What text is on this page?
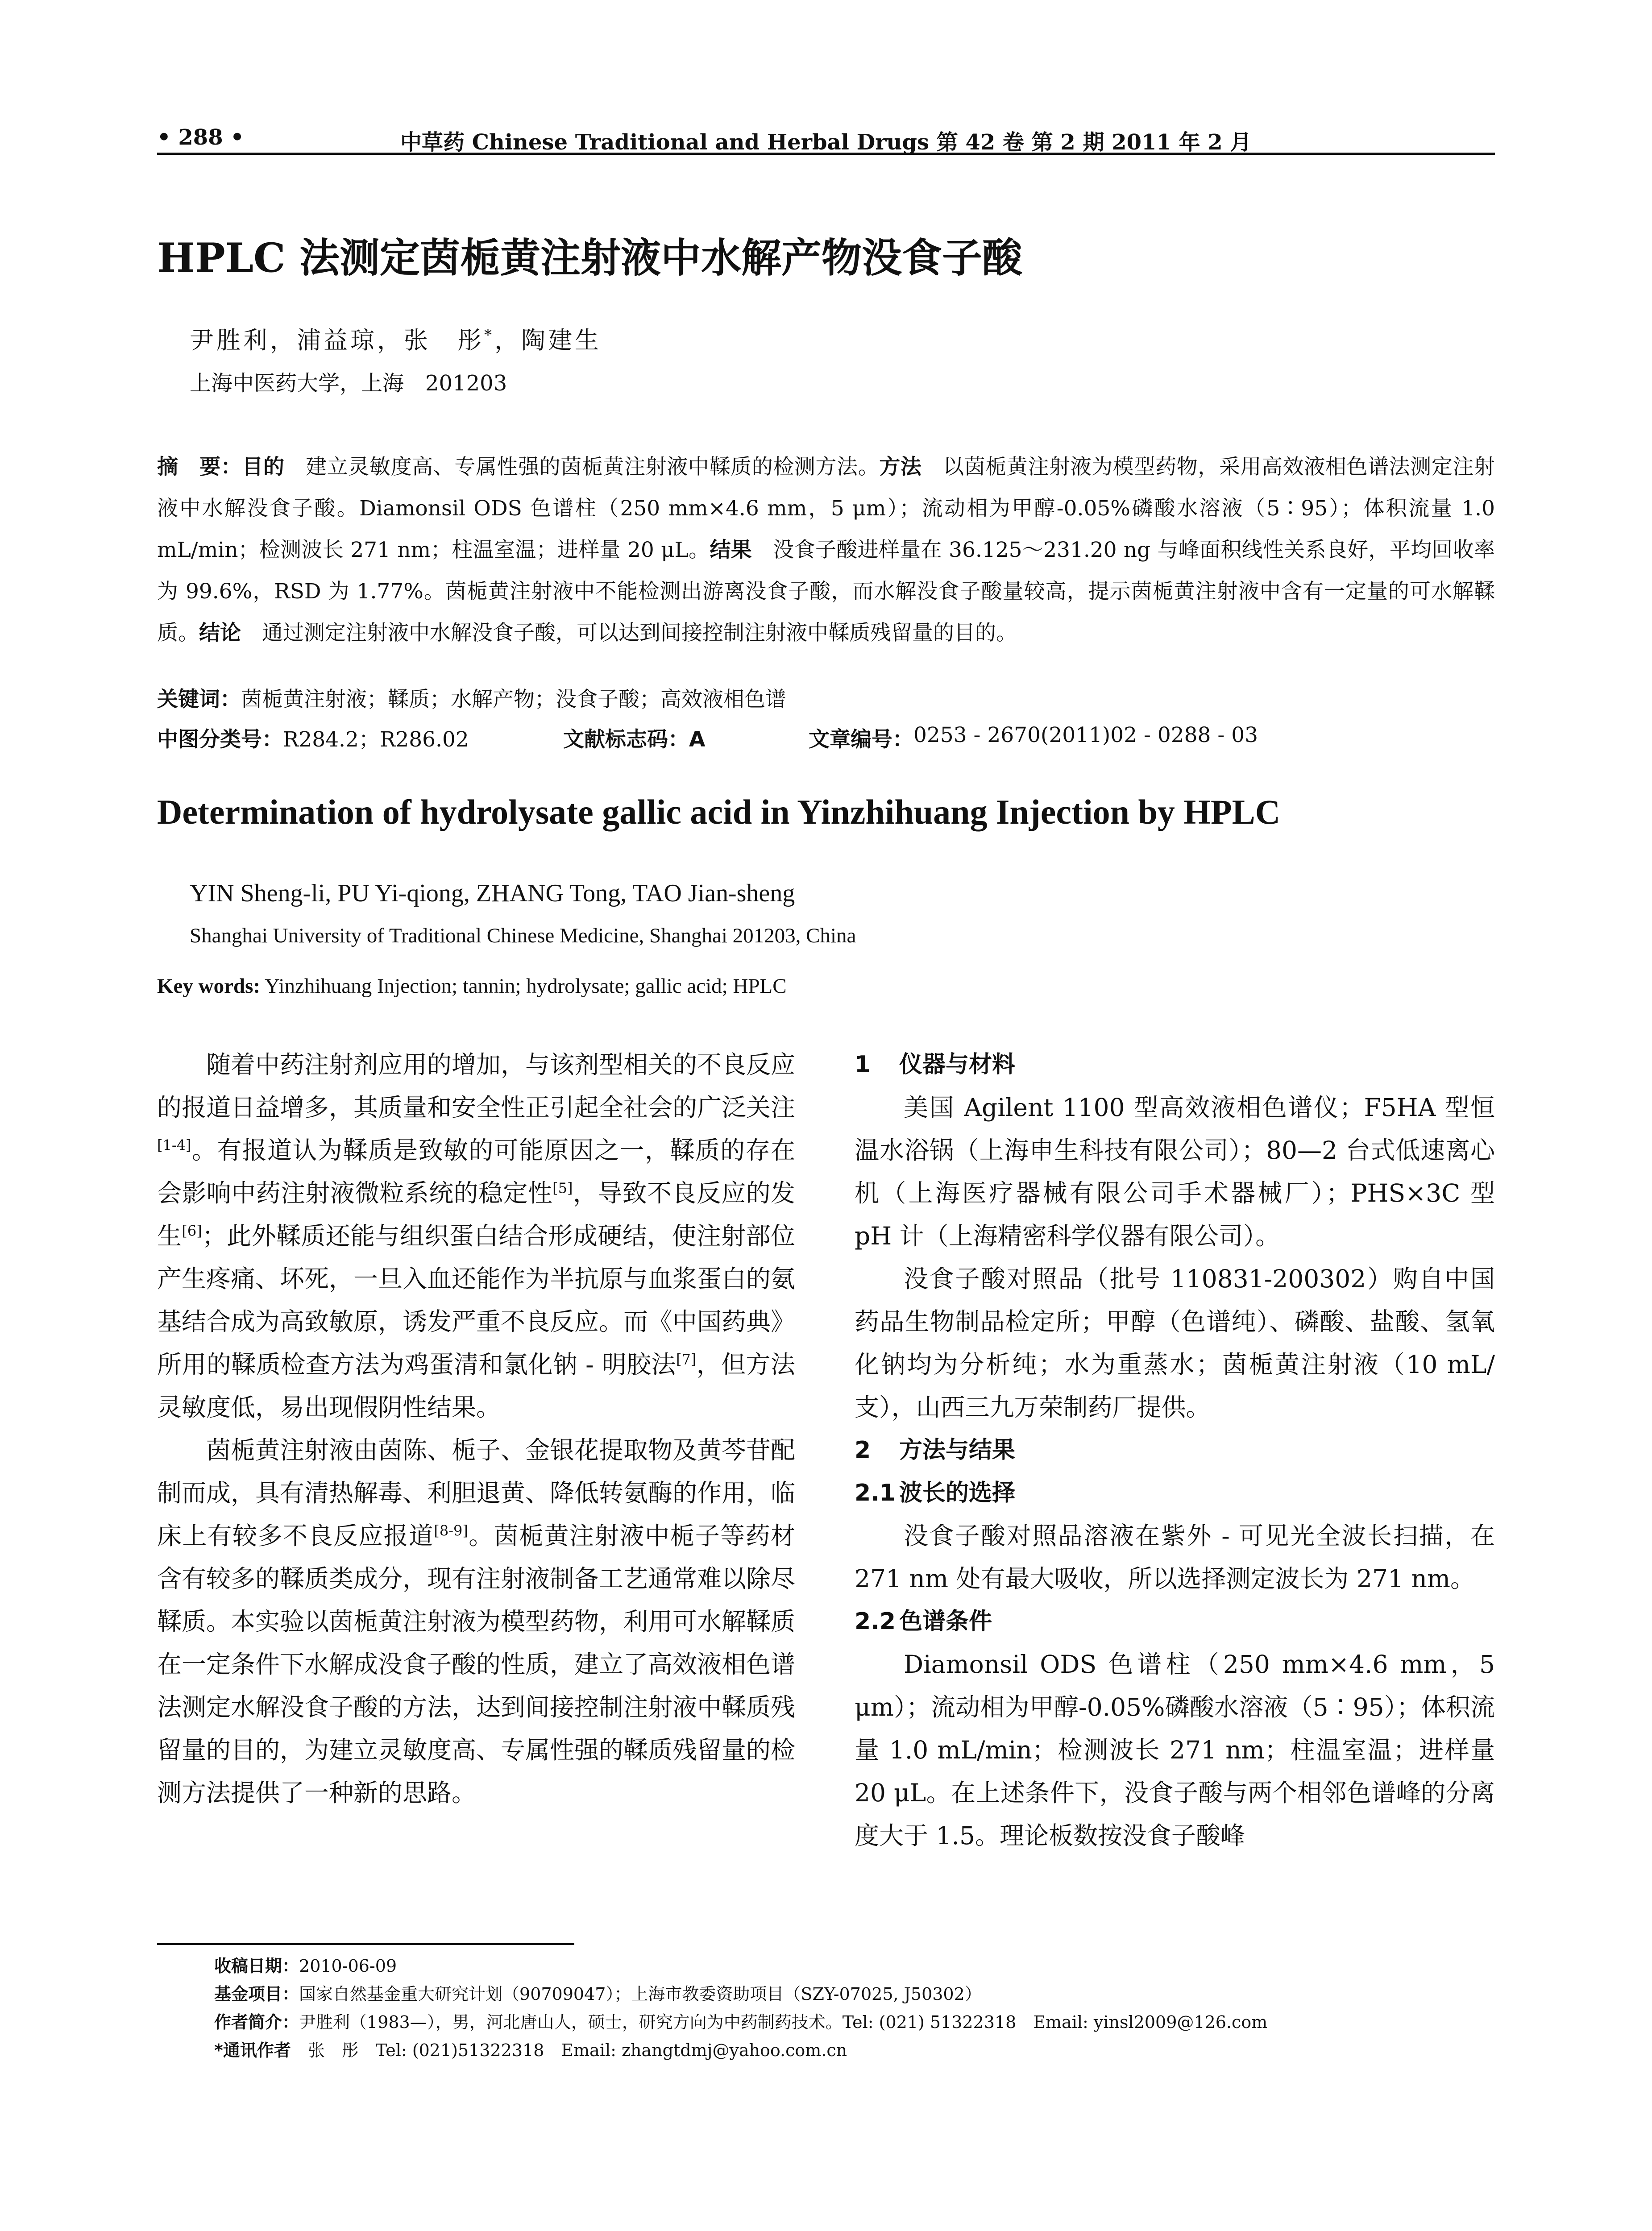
• 288 •	中草药 Chinese Traditional and Herbal Drugs 第 42 卷 第 2 期 2011 年 2 月
HPLC 法测定茵栀黄注射液中水解产物没食子酸
尹胜利，浦益琼，张　彤*，陶建生
上海中医药大学，上海　201203
摘　要：目的　建立灵敏度高、专属性强的茵栀黄注射液中鞣质的检测方法。方法　以茵栀黄注射液为模型药物，采用高效液相色谱法测定注射液中水解没食子酸。Diamonsil ODS 色谱柱（250 mm×4.6 mm，5 μm）；流动相为甲醇-0.05%磷酸水溶液（5∶95）；体积流量 1.0 mL/min；检测波长 271 nm；柱温室温；进样量 20 μL。结果　没食子酸进样量在 36.125～231.20 ng 与峰面积线性关系良好，平均回收率为 99.6%，RSD 为 1.77%。茵栀黄注射液中不能检测出游离没食子酸，而水解没食子酸量较高，提示茵栀黄注射液中含有一定量的可水解鞣质。结论　通过测定注射液中水解没食子酸，可以达到间接控制注射液中鞣质残留量的目的。
关键词：茵栀黄注射液；鞣质；水解产物；没食子酸；高效液相色谱
中图分类号： R284.2；R286.02	文献标志码：A	文章编号： 0253 - 2670(2011)02 - 0288 - 03
Determination of hydrolysate gallic acid in Yinzhihuang Injection by HPLC
YIN Sheng-li, PU Yi-qiong, ZHANG Tong, TAO Jian-sheng
Shanghai University of Traditional Chinese Medicine, Shanghai 201203, China
Key words: Yinzhihuang Injection; tannin; hydrolysate; gallic acid; HPLC

随着中药注射剂应用的增加，与该剂型相关的不良反应的报道日益增多，其质量和安全性正引起全社会的广泛关注[1-4]。有报道认为鞣质是致敏的可能原因之一，鞣质的存在会影响中药注射液微粒系统的稳定性[5]，导致不良反应的发生[6]；此外鞣质还能与组织蛋白结合形成硬结，使注射部位产生疼痛、坏死，一旦入血还能作为半抗原与血浆蛋白的氨基结合成为高致敏原，诱发严重不良反应。而《中国药典》所用的鞣质检查方法为鸡蛋清和氯化钠 - 明胶法[7]，但方法灵敏度低，易出现假阴性结果。

茵栀黄注射液由茵陈、栀子、金银花提取物及黄芩苷配制而成，具有清热解毒、利胆退黄、降低转氨酶的作用，临床上有较多不良反应报道[8-9]。茵栀黄注射液中栀子等药材含有较多的鞣质类成分，现有注射液制备工艺通常难以除尽鞣质。本实验以茵栀黄注射液为模型药物，利用可水解鞣质在一定条件下水解成没食子酸的性质，建立了高效液相色谱法测定水解没食子酸的方法，达到间接控制注射液中鞣质残留量的目的，为建立灵敏度高、专属性强的鞣质残留量的检测方法提供了一种新的思路。

1 仪器与材料

美国 Agilent 1100 型高效液相色谱仪；F5HA 型恒温水浴锅（上海申生科技有限公司）；80—2 台式低速离心机（上海医疗器械有限公司手术器械厂）；PHS×3C 型 pH 计（上海精密科学仪器有限公司）。

没食子酸对照品（批号 110831-200302）购自中国药品生物制品检定所；甲醇（色谱纯）、磷酸、盐酸、氢氧化钠均为分析纯；水为重蒸水；茵栀黄注射液（10 mL/支），山西三九万荣制药厂提供。

2 方法与结果

2.1 波长的选择

没食子酸对照品溶液在紫外 - 可见光全波长扫描，在 271 nm 处有最大吸收，所以选择测定波长为 271 nm。

2.2 色谱条件

Diamonsil ODS 色谱柱（250 mm×4.6 mm，5 μm）；流动相为甲醇-0.05%磷酸水溶液（5∶95）；体积流量 1.0 mL/min；检测波长 271 nm；柱温室温；进样量 20 μL。在上述条件下，没食子酸与两个相邻色谱峰的分离度大于 1.5。理论板数按没食子酸峰

收稿日期：2010-06-09
基金项目：国家自然基金重大研究计划（90709047）；上海市教委资助项目（SZY-07025, J50302）
作者简介：尹胜利（1983—），男，河北唐山人，硕士，研究方向为中药制药技术。Tel: (021) 51322318　Email: yinsl2009@126.com
*通讯作者　张　彤　Tel: (021)51322318　Email: zhangtdmj@yahoo.com.cn
